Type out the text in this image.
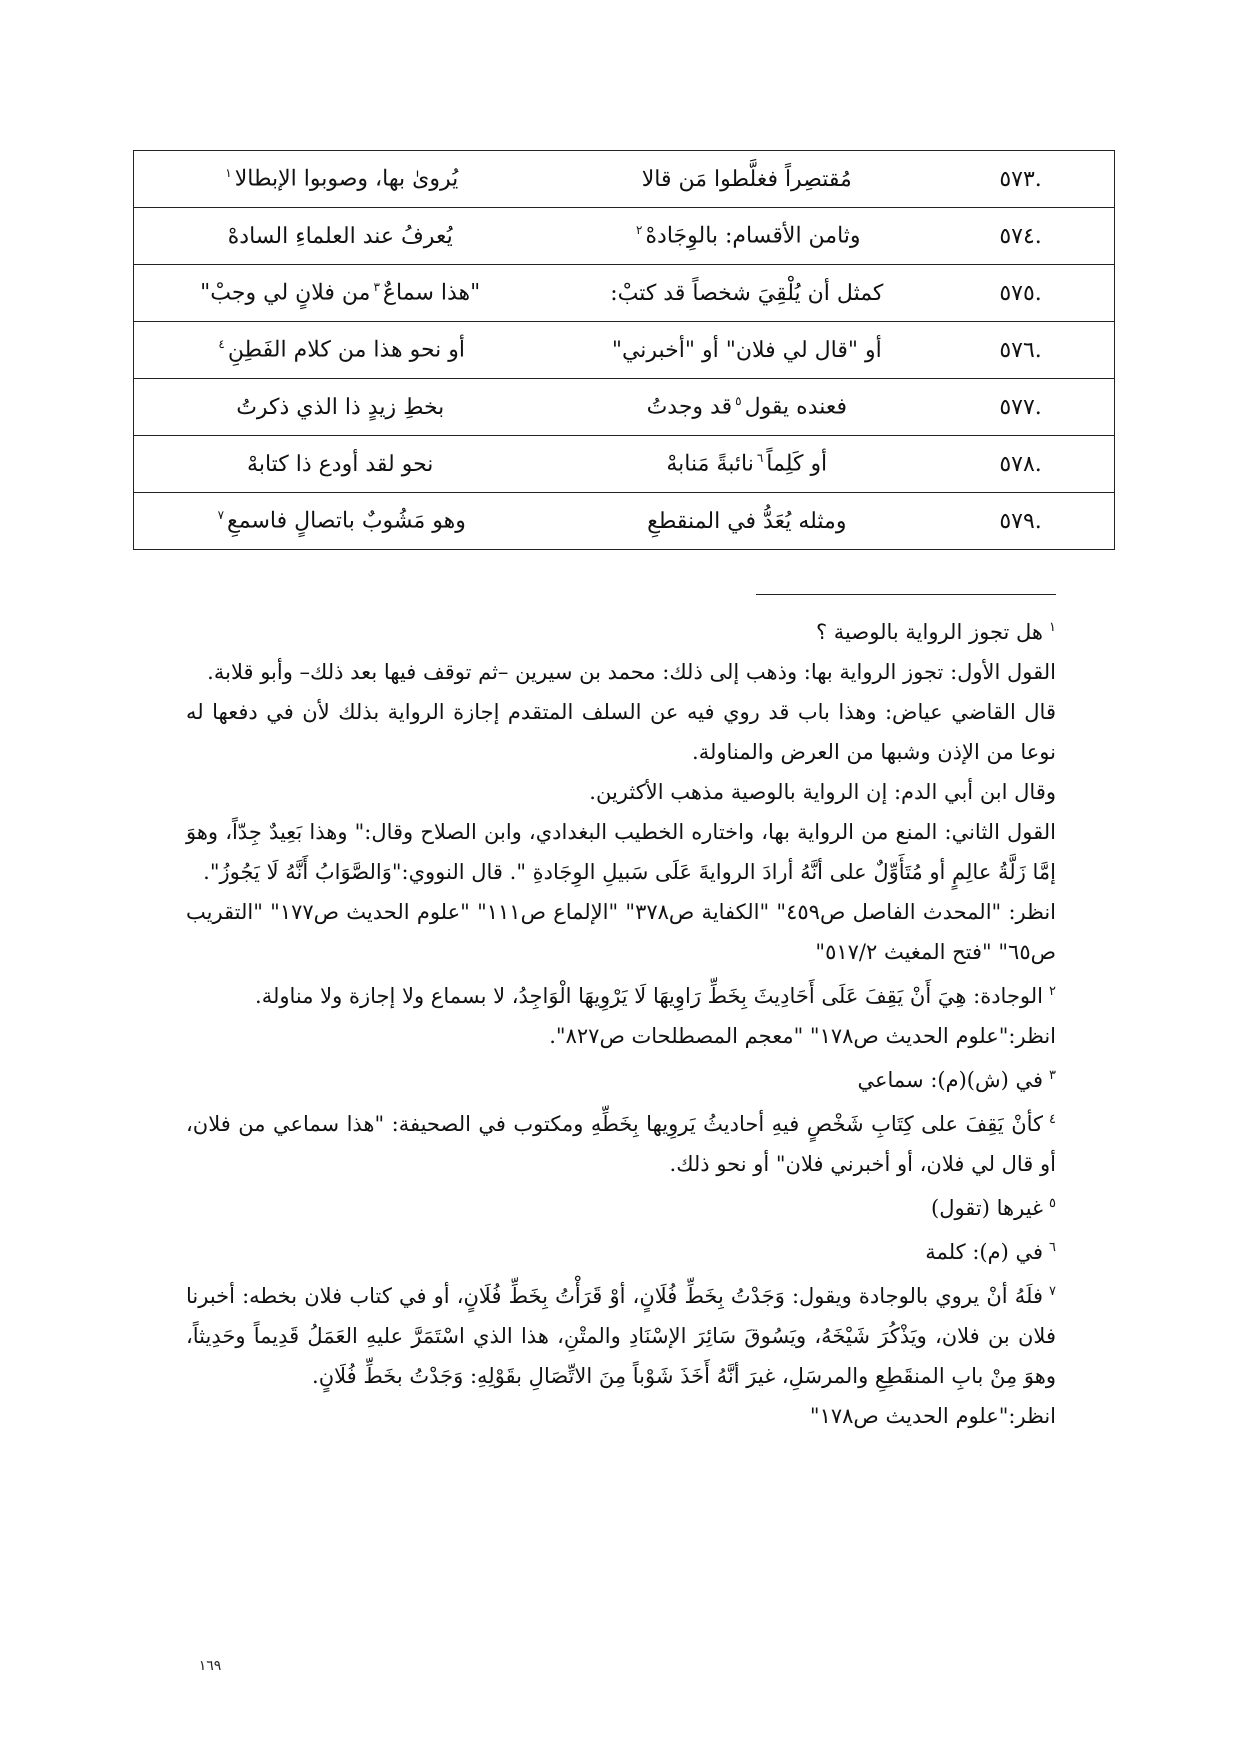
.٥٧٣	مُقتصِراً فغلَّطوا مَن قالا	يُروىٰ بها، وصوبوا الإبطالا$^١$
.٥٧٤	وثامن الأقسام: بالوِجَادهْ$^٢$	يُعرفُ عند العلماءِ السادهْ
.٥٧٥	كمثل أن يُلْقِيَ شخصاً قد كتبْ:	"هذا سماعٌ$^٣$من فلانٍ لي وجبْ"
.٥٧٦	أو "قال لي فلان" أو "أخبرني"	أو نحو هذا من كلام الفَطِنِ$^٤$
.٥٧٧	فعنده يقول$^٥$قد وجدتُ	بخطِ زيدٍ ذا الذي ذكرتُ
.٥٧٨	أو كَلِماً$^٦$نائبةً مَنابهْ	نحو لقد أودع ذا كتابهْ
.٥٧٩	ومثله يُعَدُّ في المنقطعِ	وهو مَشُوبٌ باتصالٍ فاسمعِ$^٧$

$^١$هل تجوز الرواية بالوصية ؟

القول الأول: تجوز الرواية بها: وذهب إلى ذلك: محمد بن سيرين –ثم توقف فيها بعد ذلك– وأبو قلابة.

قال القاضي عياض: وهذا باب قد روي فيه عن السلف المتقدم إجازة الرواية بذلك لأن في دفعها له نوعا من الإذن وشبها من العرض والمناولة.

وقال ابن أبي الدم: إن الرواية بالوصية مذهب الأكثرين.

القول الثاني: المنع من الرواية بها، واختاره الخطيب البغدادي، وابن الصلاح وقال:" وهذا بَعِيدٌ جِدّاً، وهوَ إمَّا زَلَّةُ عالِمٍ أو مُتَأَوِّلٌ على أنَّهُ أرادَ الروايةَ عَلَى سَبيلِ الوِجَادةِ ". قال النووي:"وَالصَّوَابُ أَنَّهُ لَا يَجُوزُ".

انظر: "المحدث الفاصل ص٤٥٩" "الكفاية ص٣٧٨" "الإلماع ص١١١" "علوم الحديث ص١٧٧" "التقريب ص٦٥" "فتح المغيث ٥١٧/٢"

$^٢$الوجادة: هِيَ أَنْ يَقِفَ عَلَى أَحَادِيثَ بِخَطِّ رَاوِيهَا لَا يَرْوِيهَا الْوَاجِدُ، لا بسماع ولا إجازة ولا مناولة.

انظر:"علوم الحديث ص١٧٨" "معجم المصطلحات ص٨٢٧".

$^٣$في (ش)(م): سماعي

$^٤$كأنْ يَقِفَ على كِتَابِ شَخْصٍ فيهِ أحاديثُ يَروِيها بِخَطِّهِ ومكتوب في الصحيفة: "هذا سماعي من فلان، أو قال لي فلان، أو أخبرني فلان" أو نحو ذلك.

$^٥$غيرها (تقول)

$^٦$في (م): كلمة

$^٧$فلَهُ أنْ يروي بالوجادة ويقول: وَجَدْتُ بِخَطِّ فُلَانٍ، أوْ قَرَأْتُ بِخَطِّ فُلَانٍ، أو في كتاب فلان بخطه: أخبرنا فلان بن فلان، ويَذْكُرَ شَيْخَهُ، ويَسُوقَ سَائِرَ الإسْنَادِ والمتْنِ، هذا الذي اسْتَمَرَّ عليهِ العَمَلُ قَدِيماً وحَدِيثاً، وهوَ مِنْ بابِ المنقَطِعِ والمرسَلِ، غيرَ أنَّهُ أَخَذَ شَوْباً مِنَ الاتِّصَالِ بقَوْلِهِ: وَجَدْتُ بخَطِّ فُلَانٍ.

انظر:"علوم الحديث ص١٧٨"

١٦٩
